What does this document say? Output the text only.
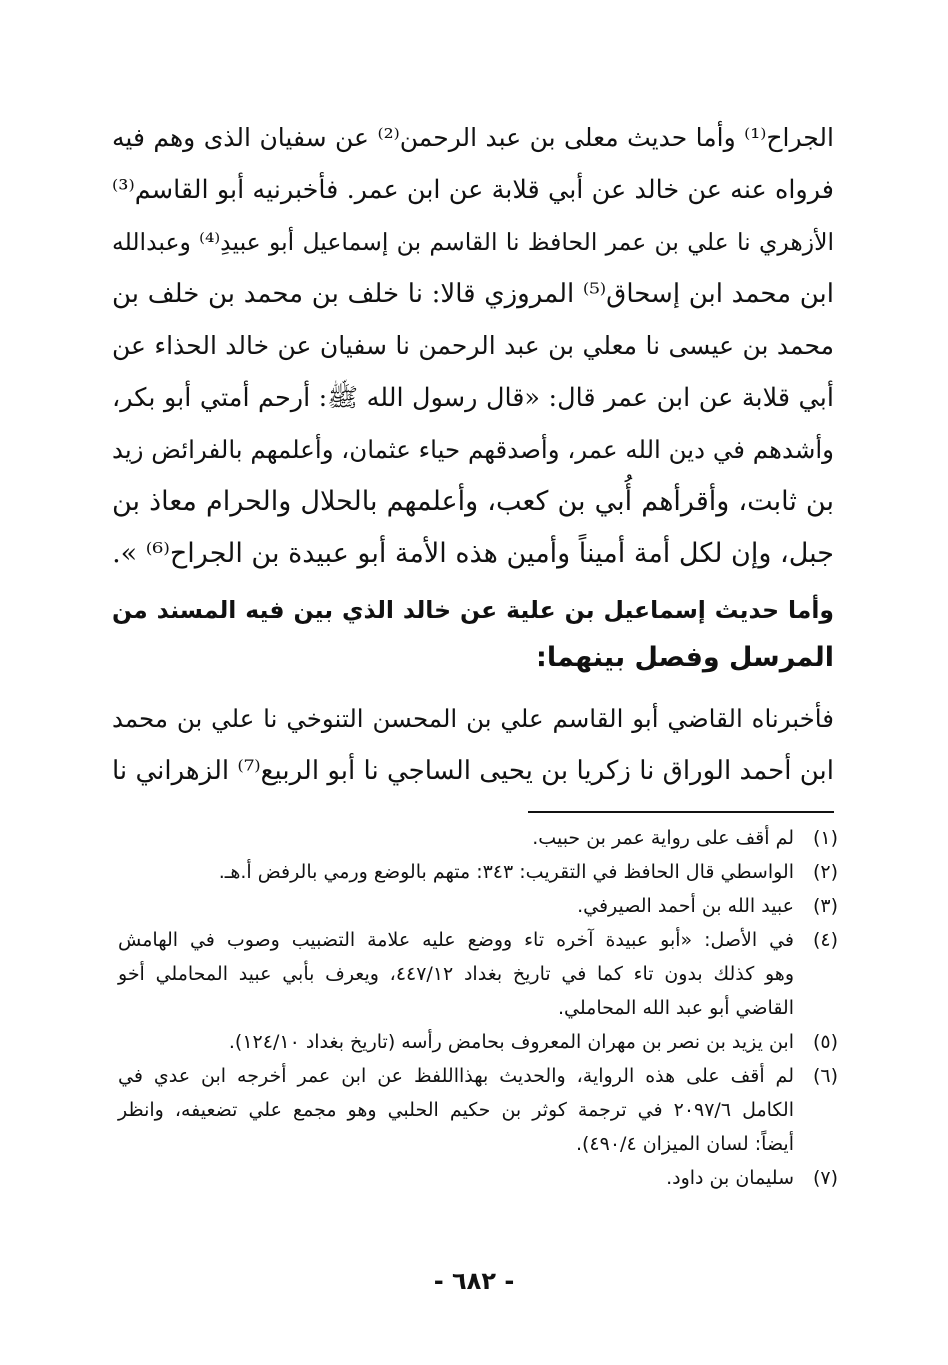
الجراح⁽¹⁾ وأما حديث معلى بن عبد الرحمن⁽²⁾ عن سفيان الذى وهم فيه
فرواه عنه عن خالد عن أبي قلابة عن ابن عمر. فأخبرنيه أبو القاسم⁽³⁾
الأزهري نا علي بن عمر الحافظ نا القاسم بن إسماعيل أبو عبيدِ⁽⁴⁾ وعبدالله
ابن محمد ابن إسحاق⁽⁵⁾ المروزي قالا: نا خلف بن محمد بن خلف بن
محمد بن عيسى نا معلي بن عبد الرحمن نا سفيان عن خالد الحذاء عن
أبي قلابة عن ابن عمر قال: «قال رسول الله ﷺ: أرحم أمتي أبو بكر،
وأشدهم في دين الله عمر، وأصدقهم حياء عثمان، وأعلمهم بالفرائض زيد
بن ثابت، وأقرأهم أُبي بن كعب، وأعلمهم بالحلال والحرام معاذ بن
جبل، وإن لكل أمة أميناً وأمين هذه الأمة أبو عبيدة بن الجراح⁽⁶⁾ ».
وأما حديث إسماعيل بن علية عن خالد الذي بين فيه المسند من
المرسل وفصل بينهما:
فأخبرناه القاضي أبو القاسم علي بن المحسن التنوخي نا علي بن محمد
ابن أحمد الوراق نا زكريا بن يحيى الساجي نا أبو الربيع⁽⁷⁾ الزهراني نا
(١)
لم أقف على رواية عمر بن حبيب.
(٢)
الواسطي قال الحافظ في التقريب: ٣٤٣: متهم بالوضع ورمي بالرفض أ.هـ.
(٣)
عبيد الله بن أحمد الصيرفي.
(٤)
في الأصل: «أبو عبيدة آخره تاء ووضع عليه علامة التضبيب وصوب في الهامش
وهو كذلك بدون تاء كما في تاريخ بغداد ٤٤٧/١٢، ويعرف بأبي عبيد المحاملي أخو
القاضي أبو عبد الله المحاملي.
(٥)
ابن يزيد بن نصر بن مهران المعروف بحامض رأسه (تاريخ بغداد ١٢٤/١٠).
(٦)
لم أقف على هذه الرواية، والحديث بهذااللفظ عن ابن عمر أخرجه ابن عدي في
الكامل ٢٠٩٧/٦ في ترجمة كوثر بن حكيم الحلبي وهو مجمع علي تضعيفه، وانظر
أيضاً: لسان الميزان ٤٩٠/٤).
(٧)
سليمان بن داود.
- ٦٨٢ -
